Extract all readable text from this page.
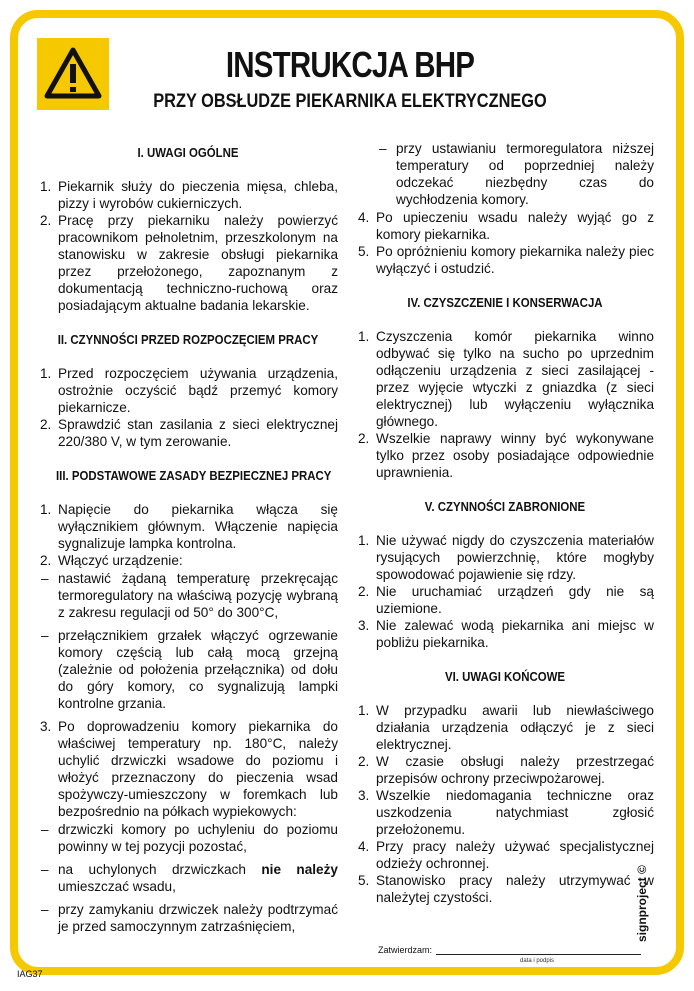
INSTRUKCJA BHP
PRZY OBSŁUDZE PIEKARNIKA ELEKTRYCZNEGO

I. UWAGI OGÓLNE

1. Piekarnik służy do pieczenia mięsa, chleba, pizzy i wyrobów cukierniczych.
2. Pracę przy piekarniku należy powierzyć pracownikom pełnoletnim, przeszkolonym na stanowisku w zakresie obsługi piekarnika przez przełożonego, zapoznanym z dokumentacją techniczno-ruchową oraz posiadającym aktualne badania lekarskie.

II. CZYNNOŚCI PRZED ROZPOCZĘCIEM PRACY

1. Przed rozpoczęciem używania urządzenia, ostrożnie oczyścić bądź przemyć komory piekarnicze.
2. Sprawdzić stan zasilania z sieci elektrycznej 220/380 V, w tym zerowanie.

III. PODSTAWOWE ZASADY BEZPIECZNEJ PRACY

1. Napięcie do piekarnika włącza się wyłącznikiem głównym. Włączenie napięcia sygnalizuje lampka kontrolna.
2. Włączyć urządzenie:
– nastawić żądaną temperaturę przekręcając termoregulatory na właściwą pozycję wybraną z zakresu regulacji od 50° do 300°C,
– przełącznikiem grzałek włączyć ogrzewanie komory częścią lub całą mocą grzejną (zależnie od położenia przełącznika) od dołu do góry komory, co sygnalizują lampki kontrolne grzania.
3. Po doprowadzeniu komory piekarnika do właściwej temperatury np. 180°C, należy uchylić drzwiczki wsadowe do poziomu i włożyć przeznaczony do pieczenia wsad spożywczy-umieszczony w foremkach lub bezpośrednio na półkach wypiekowych:
– drzwiczki komory po uchyleniu do poziomu powinny w tej pozycji pozostać,
– na uchylonych drzwiczkach nie należy umieszczać wsadu,
– przy zamykaniu drzwiczek należy podtrzymać je przed samoczynnym zatrzaśnięciem,
– przy ustawianiu termoregulatora niższej temperatury od poprzedniej należy odczekać niezbędny czas do wychłodzenia komory.
4. Po upieczeniu wsadu należy wyjąć go z komory piekarnika.
5. Po opróżnieniu komory piekarnika należy piec wyłączyć i ostudzić.

IV. CZYSZCZENIE I KONSERWACJA

1. Czyszczenia komór piekarnika winno odbywać się tylko na sucho po uprzednim odłączeniu urządzenia z sieci zasilającej - przez wyjęcie wtyczki z gniazdka (z sieci elektrycznej) lub wyłączeniu wyłącznika głównego.
2. Wszelkie naprawy winny być wykonywane tylko przez osoby posiadające odpowiednie uprawnienia.

V. CZYNNOŚCI ZABRONIONE

1. Nie używać nigdy do czyszczenia materiałów rysujących powierzchnię, które mogłyby spowodować pojawienie się rdzy.
2. Nie uruchamiać urządzeń gdy nie są uziemione.
3. Nie zalewać wodą piekarnika ani miejsc w pobliżu piekarnika.

VI. UWAGI KOŃCOWE

1. W przypadku awarii lub niewłaściwego działania urządzenia odłączyć je z sieci elektrycznej.
2. W czasie obsługi należy przestrzegać przepisów ochrony przeciwpożarowej.
3. Wszelkie niedomagania techniczne oraz uszkodzenia natychmiast zgłosić przełożonemu.
4. Przy pracy należy używać specjalistycznej odzieży ochronnej.
5. Stanowisko pracy należy utrzymywać w należytej czystości.	signproject ©
Zatwierdzam:
data i podpis
IAG37
